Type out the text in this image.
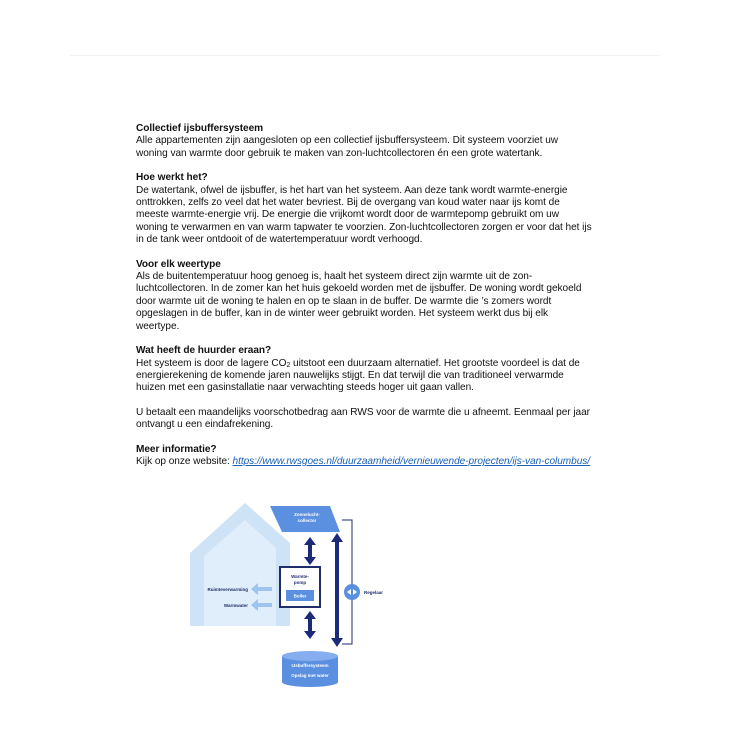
Collectief ijsbuffersysteem

Alle appartementen zijn aangesloten op een collectief ijsbuffersysteem. Dit systeem voorziet uw woning van warmte door gebruik te maken van zon-luchtcollectoren én een grote watertank.

Hoe werkt het?

De watertank, ofwel de ijsbuffer, is het hart van het systeem. Aan deze tank wordt warmte-energie onttrokken, zelfs zo veel dat het water bevriest. Bij de overgang van koud water naar ijs komt de meeste warmte-energie vrij. De energie die vrijkomt wordt door de warmtepomp gebruikt om uw woning te verwarmen en van warm tapwater te voorzien. Zon-luchtcollectoren zorgen er voor dat het ijs in de tank weer ontdooit of de watertemperatuur wordt verhoogd.

Voor elk weertype

Als de buitentemperatuur hoog genoeg is, haalt het systeem direct zijn warmte uit de zon-luchtcollectoren. In de zomer kan het huis gekoeld worden met de ijsbuffer. De woning wordt gekoeld door warmte uit de woning te halen en op te slaan in de buffer. De warmte die ’s zomers wordt opgeslagen in de buffer, kan in de winter weer gebruikt worden. Het systeem werkt dus bij elk weertype.

Wat heeft de huurder eraan?

Het systeem is door de lagere $CO_2$ uitstoot een duurzaam alternatief. Het grootste voordeel is dat de energierekening de komende jaren nauwelijks stijgt. En dat terwijl die van traditioneel verwarmde huizen met een gasinstallatie naar verwachting steeds hoger uit gaan vallen.

U betaalt een maandelijks voorschotbedrag aan RWS voor de warmte die u afneemt. Eenmaal per jaar ontvangt u een eindafrekening.

Meer informatie?

Kijk op onze website: https://www.rwsgoes.nl/duurzaamheid/vernieuwende-projecten/ijs-van-columbus/

Zonnelucht-
collector
Warmte-
pomp
Boiler
Ruimteverwarming
Warmwater
Regelaar
IJsbuffersysteem
Opslag met water
